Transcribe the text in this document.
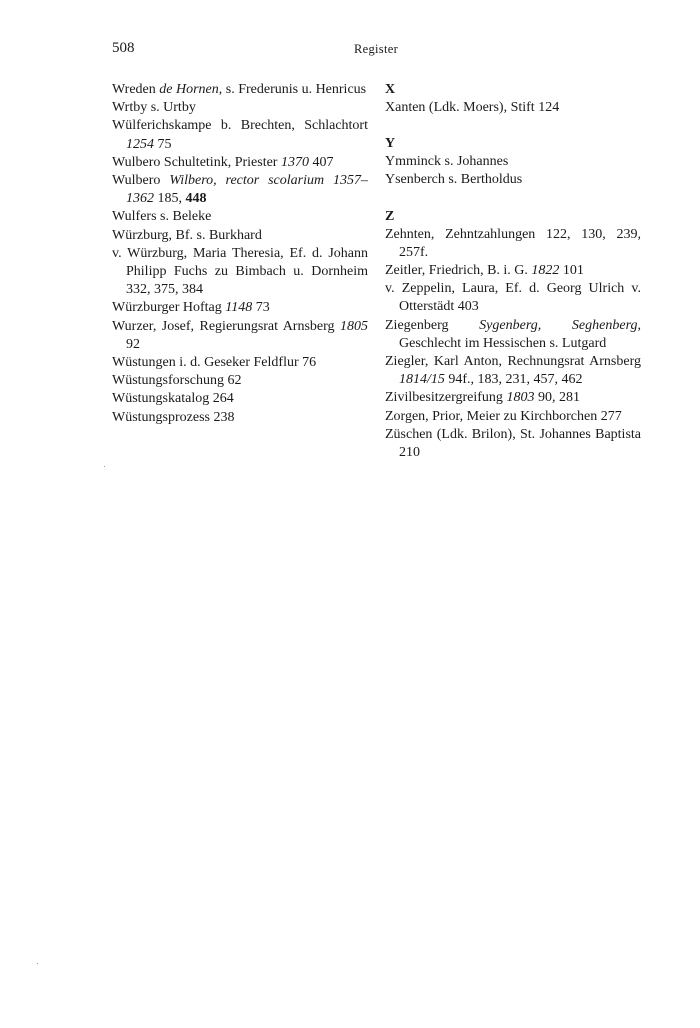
508	Register
Wreden de Hornen, s. Frederunis u. Henricus
Wrtby s. Urtby
Wülferichskampe b. Brechten, Schlachtort 1254 75
Wulbero Schultetink, Priester 1370 407
Wulbero Wilbero, rector scolarium 1357–1362 185, 448
Wulfers s. Beleke
Würzburg, Bf. s. Burkhard
v. Würzburg, Maria Theresia, Ef. d. Johann Philipp Fuchs zu Bimbach u. Dornheim 332, 375, 384
Würzburger Hoftag 1148 73
Wurzer, Josef, Regierungsrat Arnsberg 1805 92
Wüstungen i. d. Geseker Feldflur 76
Wüstungsforschung 62
Wüstungskatalog 264
Wüstungsprozess 238
X
Xanten (Ldk. Moers), Stift 124
Y
Ymminck s. Johannes
Ysenberch s. Bertholdus
Z
Zehnten, Zehntzahlungen 122, 130, 239, 257f.
Zeitler, Friedrich, B. i. G. 1822 101
v. Zeppelin, Laura, Ef. d. Georg Ulrich v. Otterstädt 403
Ziegenberg Sygenberg, Seghenberg, Geschlecht im Hessischen s. Lutgard
Ziegler, Karl Anton, Rechnungsrat Arnsberg 1814/15 94f., 183, 231, 457, 462
Zivilbesitzergreifung 1803 90, 281
Zorgen, Prior, Meier zu Kirchborchen 277
Züschen (Ldk. Brilon), St. Johannes Baptista 210
